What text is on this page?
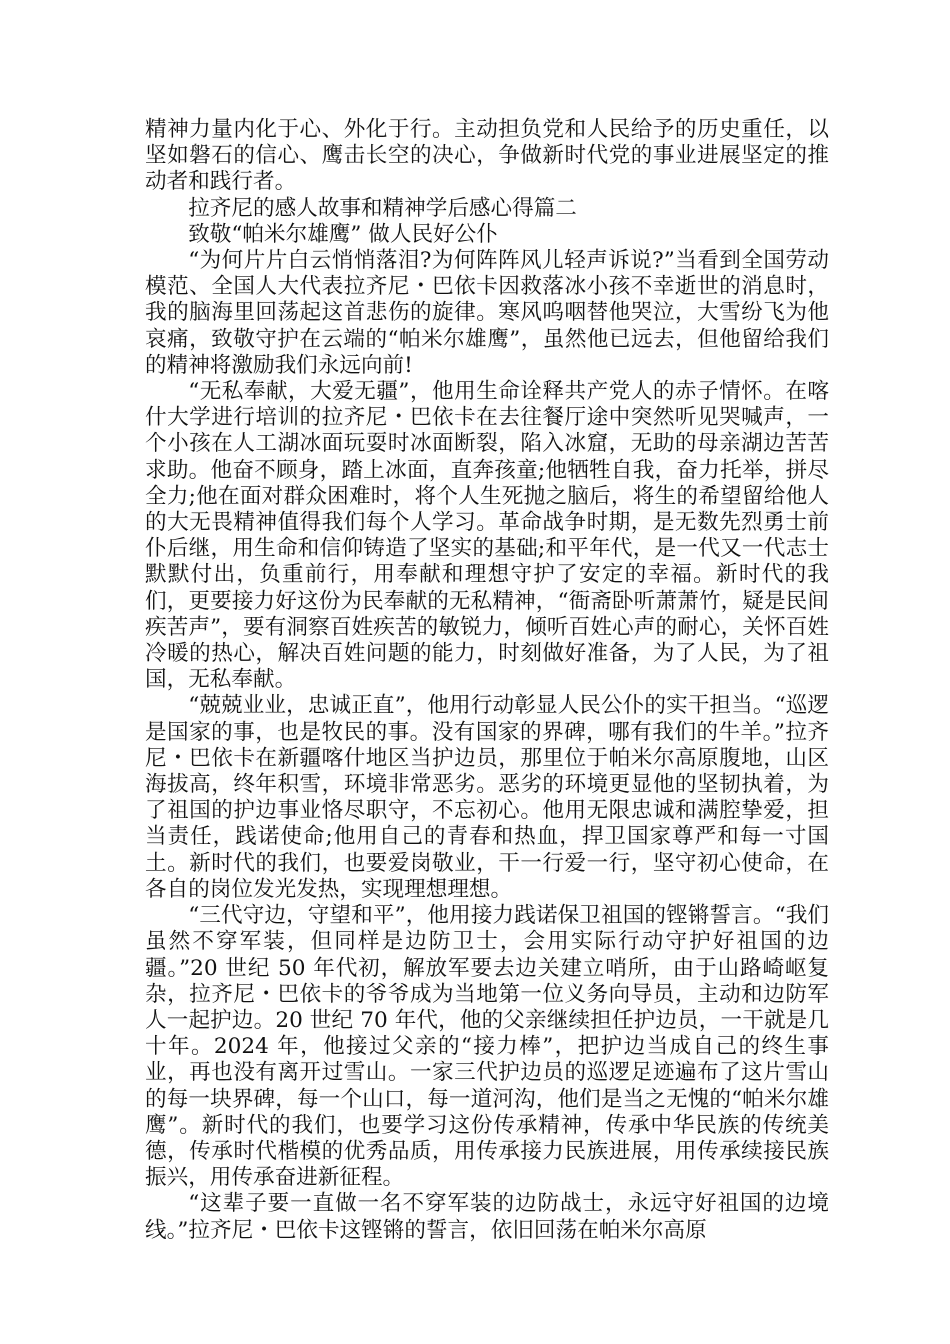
精神力量内化于心、外化于行。主动担负党和人民给予的历史重任，以坚如磐石的信心、鹰击长空的决心，争做新时代党的事业进展坚定的推动者和践行者。

拉齐尼的感人故事和精神学后感心得篇二

致敬“帕米尔雄鹰” 做人民好公仆

“为何片片白云悄悄落泪?为何阵阵风儿轻声诉说?”当看到全国劳动模范、全国人大代表拉齐尼・巴依卡因救落冰小孩不幸逝世的消息时，我的脑海里回荡起这首悲伤的旋律。寒风呜咽替他哭泣，大雪纷飞为他哀痛，致敬守护在云端的“帕米尔雄鹰”，虽然他已远去，但他留给我们的精神将激励我们永远向前!

“无私奉献，大爱无疆”，他用生命诠释共产党人的赤子情怀。在喀什大学进行培训的拉齐尼・巴依卡在去往餐厅途中突然听见哭喊声，一个小孩在人工湖冰面玩耍时冰面断裂，陷入冰窟，无助的母亲湖边苦苦求助。他奋不顾身，踏上冰面，直奔孩童;他牺牲自我，奋力托举，拼尽全力;他在面对群众困难时，将个人生死抛之脑后，将生的希望留给他人的大无畏精神值得我们每个人学习。革命战争时期，是无数先烈勇士前仆后继，用生命和信仰铸造了坚实的基础;和平年代，是一代又一代志士默默付出，负重前行，用奉献和理想守护了安定的幸福。新时代的我们，更要接力好这份为民奉献的无私精神，“衙斋卧听萧萧竹，疑是民间疾苦声”，要有洞察百姓疾苦的敏锐力，倾听百姓心声的耐心，关怀百姓冷暖的热心，解决百姓问题的能力，时刻做好准备，为了人民，为了祖国，无私奉献。

“兢兢业业，忠诚正直”，他用行动彰显人民公仆的实干担当。“巡逻是国家的事，也是牧民的事。没有国家的界碑，哪有我们的牛羊。”拉齐尼・巴依卡在新疆喀什地区当护边员，那里位于帕米尔高原腹地，山区海拔高，终年积雪，环境非常恶劣。恶劣的环境更显他的坚韧执着，为了祖国的护边事业恪尽职守，不忘初心。他用无限忠诚和满腔挚爱，担当责任，践诺使命;他用自己的青春和热血，捍卫国家尊严和每一寸国土。新时代的我们，也要爱岗敬业，干一行爱一行，坚守初心使命，在各自的岗位发光发热，实现理想理想。

“三代守边，守望和平”，他用接力践诺保卫祖国的铿锵誓言。“我们虽然不穿军装，但同样是边防卫士，会用实际行动守护好祖国的边疆。”20 世纪 50 年代初，解放军要去边关建立哨所，由于山路崎岖复杂，拉齐尼・巴依卡的爷爷成为当地第一位义务向导员，主动和边防军人一起护边。20 世纪 70 年代，他的父亲继续担任护边员，一干就是几十年。2024 年，他接过父亲的“接力棒”，把护边当成自己的终生事业，再也没有离开过雪山。一家三代护边员的巡逻足迹遍布了这片雪山的每一块界碑，每一个山口，每一道河沟，他们是当之无愧的“帕米尔雄鹰”。新时代的我们，也要学习这份传承精神，传承中华民族的传统美德，传承时代楷模的优秀品质，用传承接力民族进展，用传承续接民族振兴，用传承奋进新征程。

“这辈子要一直做一名不穿军装的边防战士，永远守好祖国的边境线。”拉齐尼・巴依卡这铿锵的誓言，依旧回荡在帕米尔高原
